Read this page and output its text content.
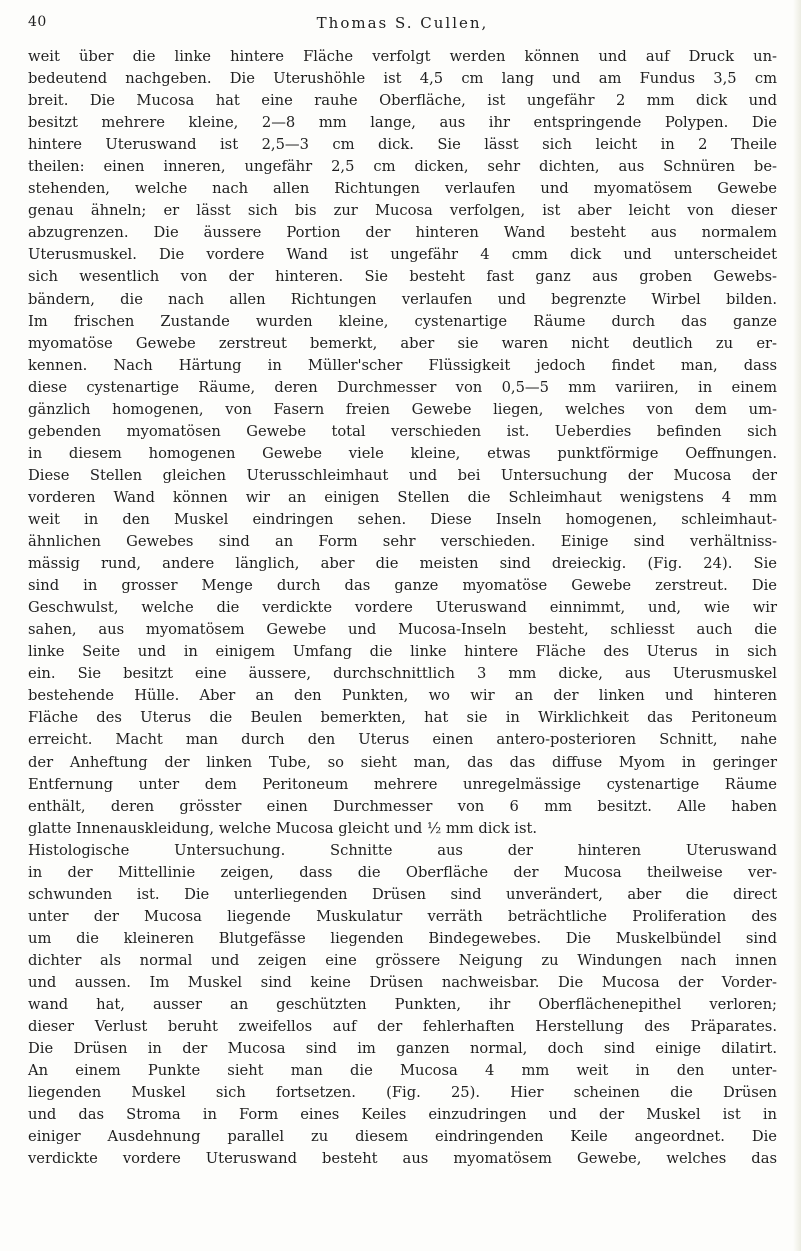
40	Thomas S. Cullen,
weit über die linke hintere Fläche verfolgt werden können und auf Druck un-
bedeutend nachgeben. Die Uterushöhle ist 4,5 cm lang und am Fundus 3,5 cm
breit. Die Mucosa hat eine rauhe Oberfläche, ist ungefähr 2 mm dick und
besitzt mehrere kleine, 2—8 mm lange, aus ihr entspringende Polypen. Die
hintere Uteruswand ist 2,5—3 cm dick. Sie lässt sich leicht in 2 Theile
theilen: einen inneren, ungefähr 2,5 cm dicken, sehr dichten, aus Schnüren be-
stehenden, welche nach allen Richtungen verlaufen und myomatösem Gewebe
genau ähneln; er lässt sich bis zur Mucosa verfolgen, ist aber leicht von dieser
abzugrenzen. Die äussere Portion der hinteren Wand besteht aus normalem
Uterusmuskel. Die vordere Wand ist ungefähr 4 cmm dick und unterscheidet
sich wesentlich von der hinteren. Sie besteht fast ganz aus groben Gewebs-
bändern, die nach allen Richtungen verlaufen und begrenzte Wirbel bilden.
Im frischen Zustande wurden kleine, cystenartige Räume durch das ganze
myomatöse Gewebe zerstreut bemerkt, aber sie waren nicht deutlich zu er-
kennen. Nach Härtung in Müller'scher Flüssigkeit jedoch findet man, dass
diese cystenartige Räume, deren Durchmesser von 0,5—5 mm variiren, in einem
gänzlich homogenen, von Fasern freien Gewebe liegen, welches von dem um-
gebenden myomatösen Gewebe total verschieden ist. Ueberdies befinden sich
in diesem homogenen Gewebe viele kleine, etwas punktförmige Oeffnungen.
Diese Stellen gleichen Uterusschleimhaut und bei Untersuchung der Mucosa der
vorderen Wand können wir an einigen Stellen die Schleimhaut wenigstens 4 mm
weit in den Muskel eindringen sehen. Diese Inseln homogenen, schleimhaut-
ähnlichen Gewebes sind an Form sehr verschieden. Einige sind verhältniss-
mässig rund, andere länglich, aber die meisten sind dreieckig. (Fig. 24). Sie
sind in grosser Menge durch das ganze myomatöse Gewebe zerstreut. Die
Geschwulst, welche die verdickte vordere Uteruswand einnimmt, und, wie wir
sahen, aus myomatösem Gewebe und Mucosa-Inseln besteht, schliesst auch die
linke Seite und in einigem Umfang die linke hintere Fläche des Uterus in sich
ein. Sie besitzt eine äussere, durchschnittlich 3 mm dicke, aus Uterusmuskel
bestehende Hülle. Aber an den Punkten, wo wir an der linken und hinteren
Fläche des Uterus die Beulen bemerkten, hat sie in Wirklichkeit das Peritoneum
erreicht. Macht man durch den Uterus einen antero-posterioren Schnitt, nahe
der Anheftung der linken Tube, so sieht man, das das diffuse Myom in geringer
Entfernung unter dem Peritoneum mehrere unregelmässige cystenartige Räume
enthält, deren grösster einen Durchmesser von 6 mm besitzt. Alle haben
glatte Innenauskleidung, welche Mucosa gleicht und ½ mm dick ist.
Histologische Untersuchung. Schnitte aus der hinteren Uteruswand
in der Mittellinie zeigen, dass die Oberfläche der Mucosa theilweise ver-
schwunden ist. Die unterliegenden Drüsen sind unverändert, aber die direct
unter der Mucosa liegende Muskulatur verräth beträchtliche Proliferation des
um die kleineren Blutgefässe liegenden Bindegewebes. Die Muskelbündel sind
dichter als normal und zeigen eine grössere Neigung zu Windungen nach innen
und aussen. Im Muskel sind keine Drüsen nachweisbar. Die Mucosa der Vorder-
wand hat, ausser an geschützten Punkten, ihr Oberflächenepithel verloren;
dieser Verlust beruht zweifellos auf der fehlerhaften Herstellung des Präparates.
Die Drüsen in der Mucosa sind im ganzen normal, doch sind einige dilatirt.
An einem Punkte sieht man die Mucosa 4 mm weit in den unter-
liegenden Muskel sich fortsetzen. (Fig. 25). Hier scheinen die Drüsen
und das Stroma in Form eines Keiles einzudringen und der Muskel ist in
einiger Ausdehnung parallel zu diesem eindringenden Keile angeordnet. Die
verdickte vordere Uteruswand besteht aus myomatösem Gewebe, welches das
